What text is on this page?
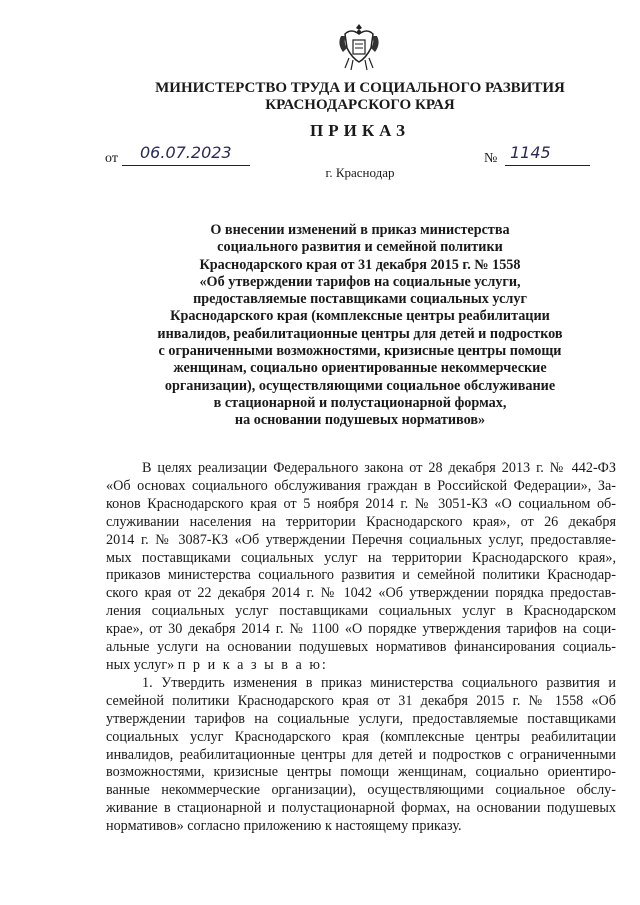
МИНИСТЕРСТВО ТРУДА И СОЦИАЛЬНОГО РАЗВИТИЯ
КРАСНОДАРСКОГО КРАЯ
ПРИКАЗ
от 06.07.2023	№ 1145
г. Краснодар
О внесении изменений в приказ министерства
социального развития и семейной политики
Краснодарского края от 31 декабря 2015 г. № 1558
«Об утверждении тарифов на социальные услуги,
предоставляемые поставщиками социальных услуг
Краснодарского края (комплексные центры реабилитации
инвалидов, реабилитационные центры для детей и подростков
с ограниченными возможностями, кризисные центры помощи
женщинам, социально ориентированные некоммерческие
организации), осуществляющими социальное обслуживание
в стационарной и полустационарной формах,
на основании подушевых нормативов»
В целях реализации Федерального закона от 28 декабря 2013 г. № 442-ФЗ
«Об основах социального обслуживания граждан в Российской Федерации», За-
конов Краснодарского края от 5 ноября 2014 г. № 3051-КЗ «О социальном об-
служивании населения на территории Краснодарского края», от 26 декабря
2014 г. № 3087-КЗ «Об утверждении Перечня социальных услуг, предоставляе-
мых поставщиками социальных услуг на территории Краснодарского края»,
приказов министерства социального развития и семейной политики Краснодар-
ского края от 22 декабря 2014 г. № 1042 «Об утверждении порядка предостав-
ления социальных услуг поставщиками социальных услуг в Краснодарском
крае», от 30 декабря 2014 г. № 1100 «О порядке утверждения тарифов на соци-
альные услуги на основании подушевых нормативов финансирования социаль-
ных услуг» п р и к а з ы в а ю:
1. Утвердить изменения в приказ министерства социального развития и
семейной политики Краснодарского края от 31 декабря 2015 г. № 1558 «Об
утверждении тарифов на социальные услуги, предоставляемые поставщиками
социальных услуг Краснодарского края (комплексные центры реабилитации
инвалидов, реабилитационные центры для детей и подростков с ограниченными
возможностями, кризисные центры помощи женщинам, социально ориентиро-
ванные некоммерческие организации), осуществляющими социальное обслу-
живание в стационарной и полустационарной формах, на основании подушевых
нормативов» согласно приложению к настоящему приказу.
